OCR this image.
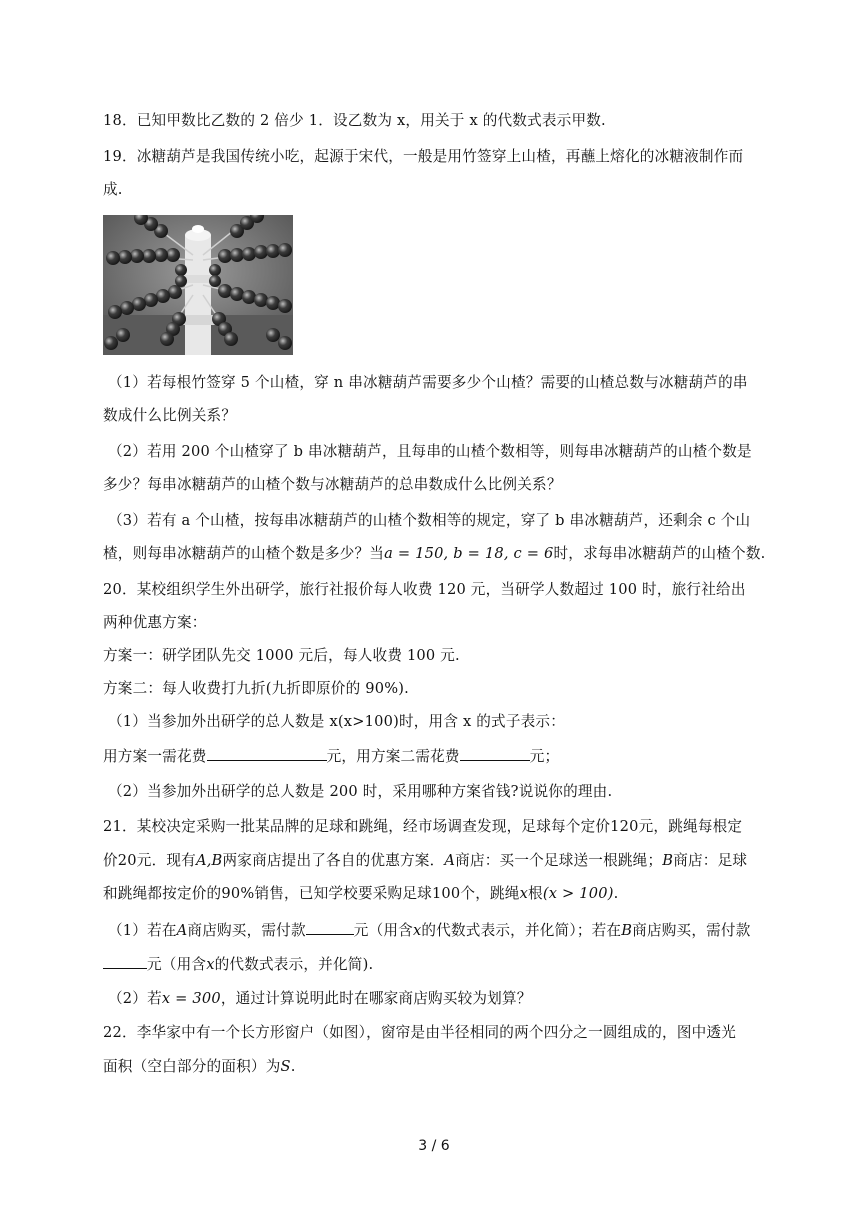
18．已知甲数比乙数的 2 倍少 1．设乙数为 x，用关于 x 的代数式表示甲数.
19．冰糖葫芦是我国传统小吃，起源于宋代，一般是用竹签穿上山楂，再蘸上熔化的冰糖液制作而
成.
（1）若每根竹签穿 5 个山楂，穿 n 串冰糖葫芦需要多少个山楂？需要的山楂总数与冰糖葫芦的串
数成什么比例关系？
（2）若用 200 个山楂穿了 b 串冰糖葫芦，且每串的山楂个数相等，则每串冰糖葫芦的山楂个数是
多少？每串冰糖葫芦的山楂个数与冰糖葫芦的总串数成什么比例关系？
（3）若有 a 个山楂，按每串冰糖葫芦的山楂个数相等的规定，穿了 b 串冰糖葫芦，还剩余 c 个山
楂，则每串冰糖葫芦的山楂个数是多少？当a = 150, b = 18, c = 6时，求每串冰糖葫芦的山楂个数.
20．某校组织学生外出研学，旅行社报价每人收费 120 元，当研学人数超过 100 时，旅行社给出
两种优惠方案：
方案一：研学团队先交 1000 元后，每人收费 100 元.
方案二：每人收费打九折(九折即原价的 90%).
（1）当参加外出研学的总人数是 x(x>100)时，用含 x 的式子表示：
用方案一需花费	元，用方案二需花费	元；
（2）当参加外出研学的总人数是 200 时，采用哪种方案省钱?说说你的理由.
21．某校决定采购一批某品牌的足球和跳绳，经市场调查发现，足球每个定价120元，跳绳每根定
价20元．现有A,B两家商店提出了各自的优惠方案．A商店：买一个足球送一根跳绳；B商店：足球
和跳绳都按定价的90%销售，已知学校要采购足球100个，跳绳x根(x > 100).
（1）若在A商店购买，需付款	元（用含x的代数式表示，并化简）；若在B商店购买，需付款
元（用含x的代数式表示，并化简).
（2）若x = 300，通过计算说明此时在哪家商店购买较为划算？
22．李华家中有一个长方形窗户（如图），窗帘是由半径相同的两个四分之一圆组成的，图中透光
面积（空白部分的面积）为S.
3 / 6
